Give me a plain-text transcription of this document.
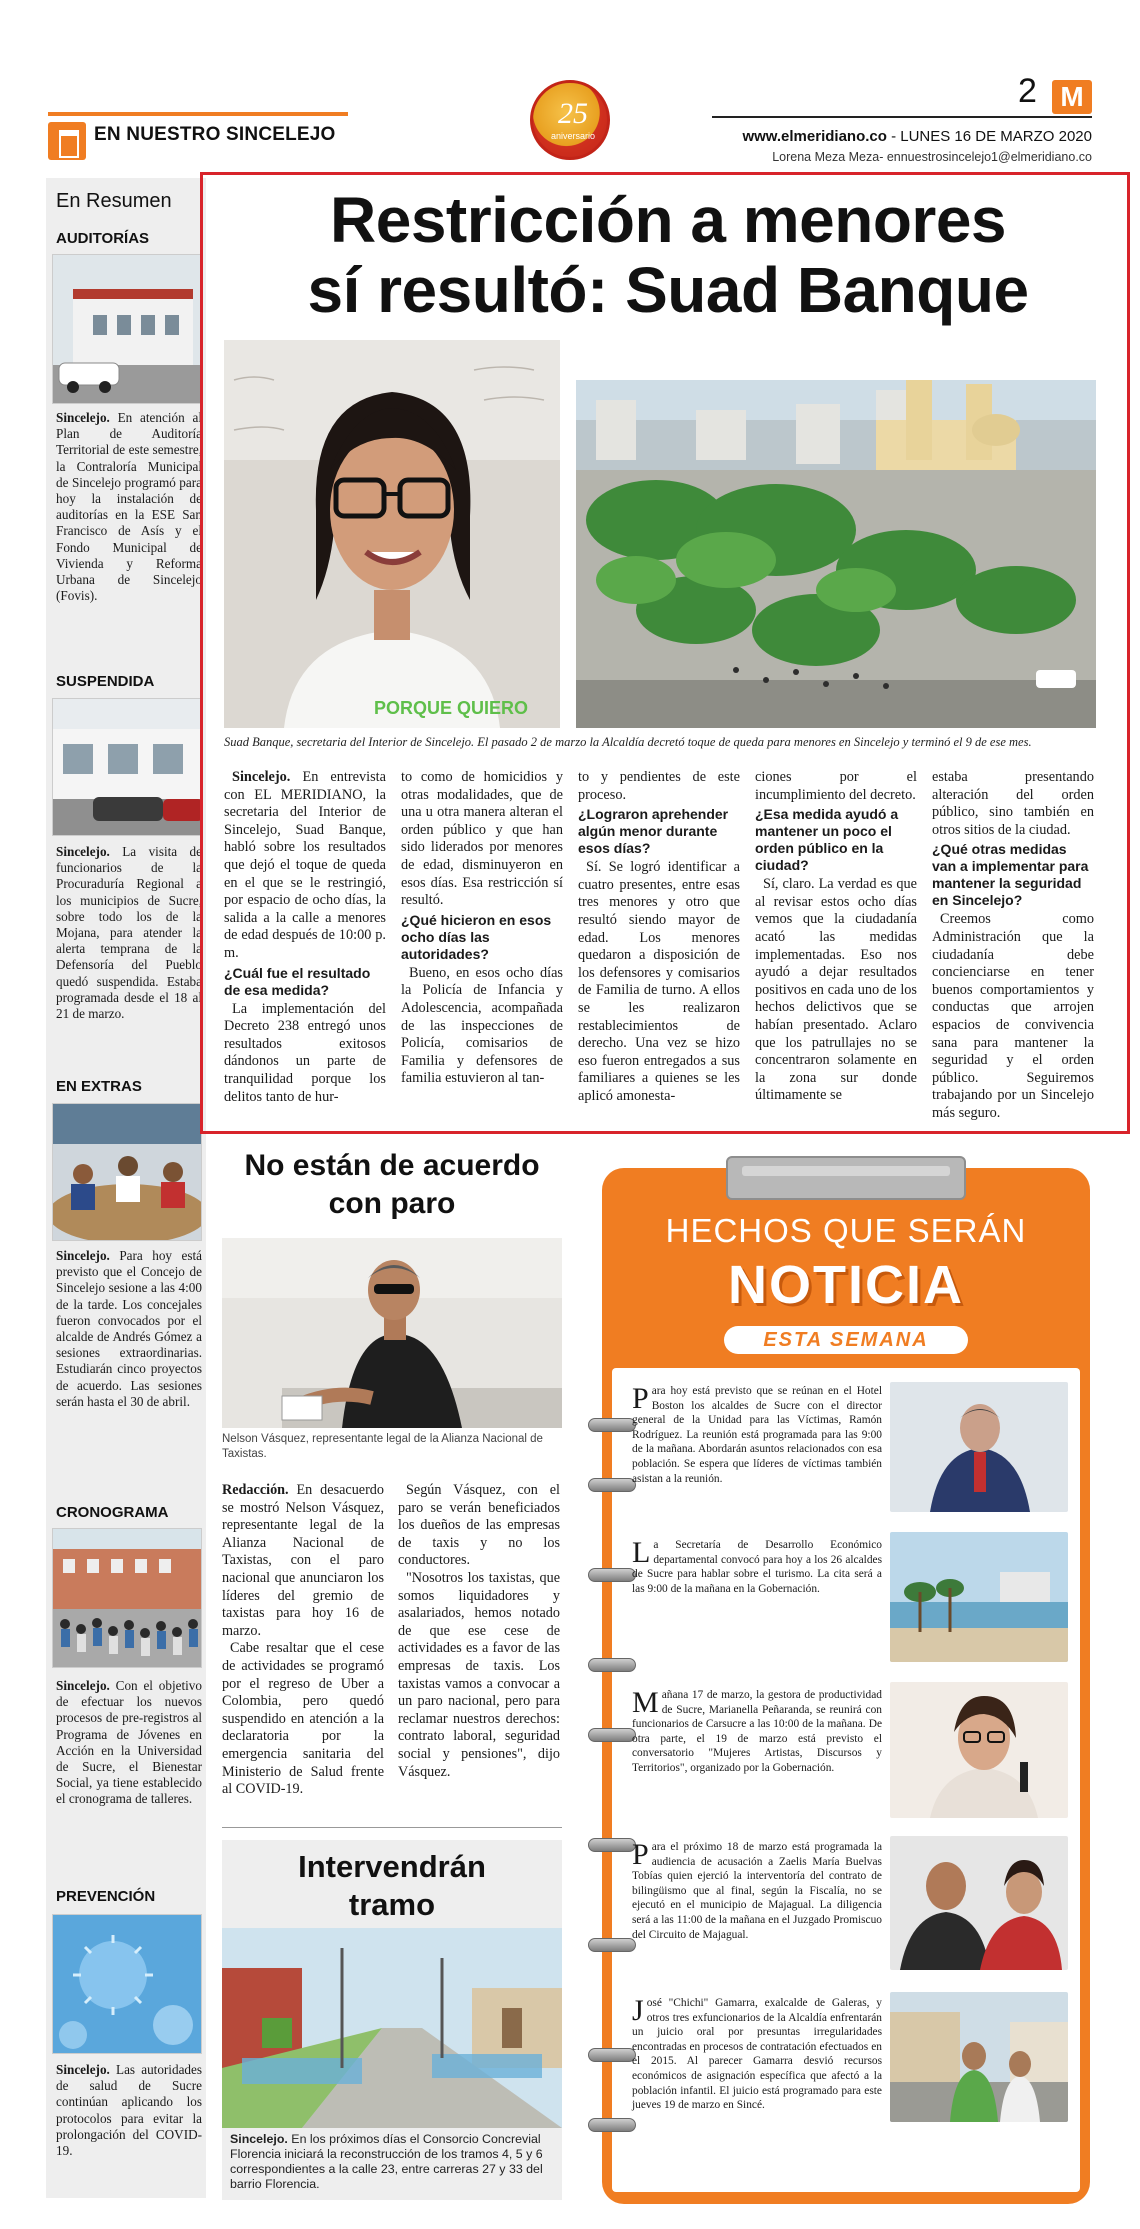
EN NUESTRO SINCELEJO
25
aniversario
2 M
www.elmeridiano.co - LUNES 16 DE MARZO 2020
Lorena Meza Meza- ennuestrosincelejo1@elmeridiano.co
En Resumen
AUDITORÍAS
Sincelejo. En atención al Plan de Auditoría Territorial de este semestre, la Contraloría Municipal de Sincelejo programó para hoy la instalación de auditorías en la ESE San Francisco de Asís y el Fondo Municipal de Vivienda y Reforma Urbana de Sincelejo (Fovis).
SUSPENDIDA
Sincelejo. La visita de funcionarios de la Procuraduría Regional a los municipios de Sucre, sobre todo los de la Mojana, para atender la alerta temprana de la Defensoría del Pueblo quedó suspendida. Estaba programada desde el 18 al 21 de marzo.
EN EXTRAS
Sincelejo. Para hoy está previsto que el Concejo de Sincelejo sesione a las 4:00 de la tarde. Los concejales fueron convocados por el alcalde de Andrés Gómez a sesiones extraordinarias. Estudiarán cinco proyectos de acuerdo. Las sesiones serán hasta el 30 de abril.
CRONOGRAMA
Sincelejo. Con el objetivo de efectuar los nuevos procesos de pre-registros al Programa de Jóvenes en Acción en la Universidad de Sucre, el Bienestar Social, ya tiene establecido el cronograma de talleres.
PREVENCIÓN
Sincelejo. Las autoridades de salud de Sucre continúan aplicando los protocolos para evitar la prolongación del COVID-19.
Restricción a menores
sí resultó: Suad Banque
PORQUE QUIERO
Suad Banque, secretaria del Interior de Sincelejo. El pasado 2 de marzo la Alcaldía decretó toque de queda para menores en Sincelejo y terminó el 9 de ese mes.

Sincelejo. En entrevista con EL MERIDIANO, la secretaria del Interior de Sincelejo, Suad Banque, habló sobre los resultados que dejó el toque de queda en el que se le restringió, por espacio de ocho días, la salida a la calle a menores de edad después de 10:00 p. m.

¿Cuál fue el resultado de esa medida?

La implementación del Decreto 238 entregó unos resultados exitosos dándonos un parte de tranquilidad porque los delitos tanto de hur-

to como de homicidios y otras modalidades, que de una u otra manera alteran el orden público y que han sido liderados por menores de edad, disminuyeron en esos días. Esa restricción sí resultó.

¿Qué hicieron en esos ocho días las autoridades?

Bueno, en esos ocho días la Policía de Infancia y Adolescencia, acompañada de las inspecciones de Policía, comisarios de Familia y defensores de familia estuvieron al tan-

to y pendientes de este proceso.

¿Lograron aprehender algún menor durante esos días?

Sí. Se logró identificar a cuatro presentes, entre esas tres menores y otro que resultó siendo mayor de edad. Los menores quedaron a disposición de los defensores y comisarios de Familia de turno. A ellos se les realizaron restablecimientos de derecho. Una vez se hizo eso fueron entregados a sus familiares a quienes se les aplicó amonesta-

ciones por el incumplimiento del decreto.

¿Esa medida ayudó a mantener un poco el orden público en la ciudad?

Sí, claro. La verdad es que al revisar estos ocho días vemos que la ciudadanía acató las medidas implementadas. Eso nos ayudó a dejar resultados positivos en cada uno de los hechos delictivos que se habían presentado. Aclaro que los patrullajes no se concentraron solamente en la zona sur donde últimamente se

estaba presentando alteración del orden público, sino también en otros sitios de la ciudad.

¿Qué otras medidas van a implementar para mantener la seguridad en Sincelejo?

Creemos como Administración que la ciudadanía debe concienciarse en tener buenos comportamientos y conductas que arrojen espacios de convivencia sana para mantener la seguridad y el orden público. Seguiremos trabajando por un Sincelejo más seguro.

No están de acuerdo con paro
Nelson Vásquez, representante legal de la Alianza Nacional de Taxistas.

Redacción. En desacuerdo se mostró Nelson Vásquez, representante legal de la Alianza Nacional de Taxistas, con el paro nacional que anunciaron los líderes del gremio de taxistas para hoy 16 de marzo.

Cabe resaltar que el cese de actividades se programó por el regreso de Uber a Colombia, pero quedó suspendido en atención a la declaratoria por la emergencia sanitaria del Ministerio de Salud frente al COVID-19.

Según Vásquez, con el paro se verán beneficiados los dueños de las empresas de taxis y no los conductores.

"Nosotros los taxistas, que somos liquidadores y asalariados, hemos notado de que ese cese de actividades es a favor de las empresas de taxis. Los taxistas vamos a convocar a un paro nacional, pero para reclamar nuestros derechos: contrato laboral, seguridad social y pensiones", dijo Vásquez.

Intervendrán tramo
Sincelejo. En los próximos días el Consorcio Concrevial Florencia iniciará la reconstrucción de los tramos 4, 5 y 6 correspondientes a la calle 23, entre carreras 27 y 33 del barrio Florencia.
HECHOS QUE SERÁN
NOTICIA
ESTA SEMANA
Para hoy está previsto que se reúnan en el Hotel Boston los alcaldes de Sucre con el director general de la Unidad para las Víctimas, Ramón Rodríguez. La reunión está programada para las 9:00 de la mañana. Abordarán asuntos relacionados con esa población. Se espera que líderes de víctimas también asistan a la reunión.
La Secretaría de Desarrollo Económico departamental convocó para hoy a los 26 alcaldes de Sucre para hablar sobre el turismo. La cita será a las 9:00 de la mañana en la Gobernación.
Mañana 17 de marzo, la gestora de productividad de Sucre, Marianella Peñaranda, se reunirá con funcionarios de Carsucre a las 10:00 de la mañana. De otra parte, el 19 de marzo está previsto el conversatorio "Mujeres Artistas, Discursos y Territorios", organizado por la Gobernación.
Para el próximo 18 de marzo está programada la audiencia de acusación a Zaelis María Buelvas Tobías quien ejerció la interventoría del contrato de bilingüismo que al final, según la Fiscalía, no se ejecutó en el municipio de Majagual. La diligencia será a las 11:00 de la mañana en el Juzgado Promiscuo del Circuito de Majagual.
José "Chichi" Gamarra, exalcalde de Galeras, y otros tres exfuncionarios de la Alcaldía enfrentarán un juicio oral por presuntas irregularidades encontradas en procesos de contratación efectuados en el 2015. Al parecer Gamarra desvió recursos económicos de asignación específica que afectó a la población infantil. El juicio está programado para este jueves 19 de marzo en Sincé.
